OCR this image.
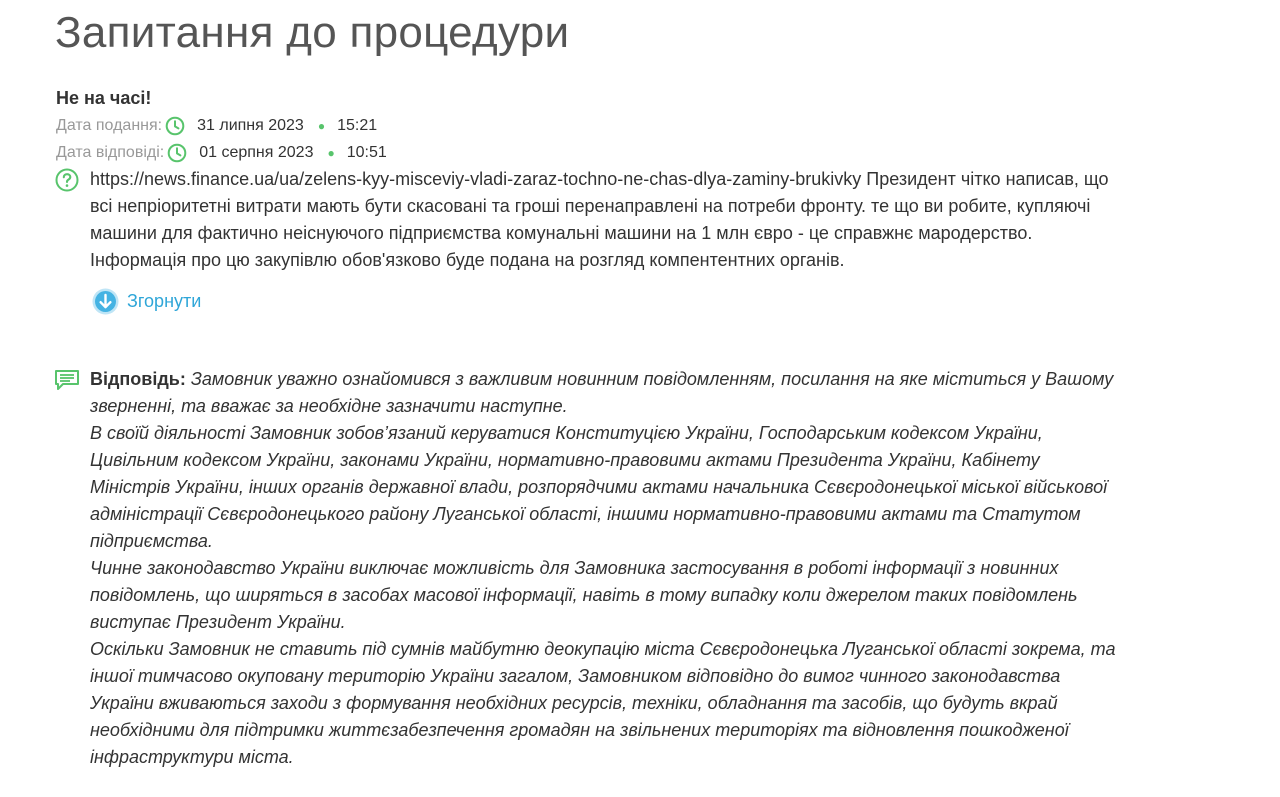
Запитання до процедури
Не на часі!
Дата подання: 31 липня 2023 ● 15:21
Дата відповіді: 01 серпня 2023 ● 10:51

https://news.finance.ua/ua/zelens-kyy-misceviy-vladi-zaraz-tochno-ne-chas-dlya-zaminy-brukivky Президент чітко написав, що всі непріоритетні витрати мають бути скасовані та гроші перенаправлені на потреби фронту. те що ви робите, купляючі машини для фактично неіснуючого підприємства комунальні машини на 1 млн євро - це справжнє мародерство. Інформація про цю закупівлю обов'язково буде подана на розгляд компентентних органів.

Згорнути

Відповідь: Замовник уважно ознайомився з важливим новинним повідомленням, посилання на яке міститься у Вашому зверненні, та вважає за необхідне зазначити наступне.

В своїй діяльності Замовник зобов’язаний керуватися Конституцією України, Господарським кодексом України, Цивільним кодексом України, законами України, нормативно-правовими актами Президента України, Кабінету Міністрів України, інших органів державної влади, розпорядчими актами начальника Сєвєродонецької міської військової адміністрації Сєвєродонецького району Луганської області, іншими нормативно-правовими актами та Статутом підприємства.

Чинне законодавство України виключає можливість для Замовника застосування в роботі інформації з новинних повідомлень, що ширяться в засобах масової інформації, навіть в тому випадку коли джерелом таких повідомлень виступає Президент України.

Оскільки Замовник не ставить під сумнів майбутню деокупацію міста Сєвєродонецька Луганської області зокрема, та іншої тимчасово окуповану територію України загалом, Замовником відповідно до вимог чинного законодавства України вживаються заходи з формування необхідних ресурсів, техніки, обладнання та засобів, що будуть вкрай необхідними для підтримки життєзабезпечення громадян на звільнених територіях та відновлення пошкодженої інфраструктури міста.
